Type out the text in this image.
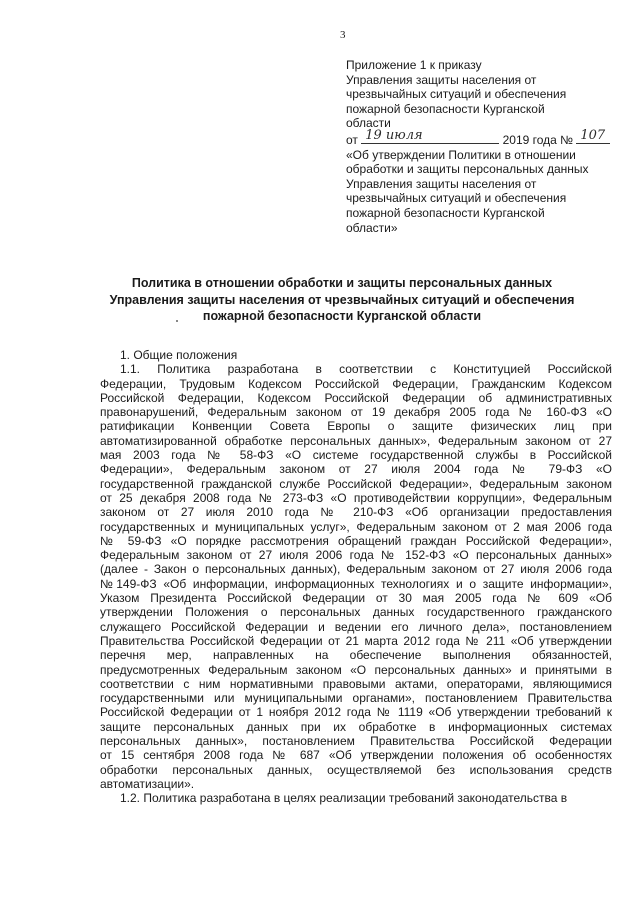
3
Приложение 1 к приказу
Управления защиты населения от
чрезвычайных ситуаций и обеспечения
пожарной безопасности Курганской
области
от 19 июля	2019 года № 107
«Об утверждении Политики в отношении
обработки и защиты персональных данных
Управления защиты населения от
чрезвычайных ситуаций и обеспечения
пожарной безопасности Курганской
области»
Политика в отношении обработки и защиты персональных данных
Управления защиты населения от чрезвычайных ситуаций и обеспечения
пожарной безопасности Курганской области
1. Общие положения
1.1. Политика разработана в соответствии с Конституцией Российской
Федерации, Трудовым Кодексом Российской Федерации, Гражданским Кодексом
Российской Федерации, Кодексом Российской Федерации об административных
правонарушений, Федеральным законом от 19 декабря 2005 года № 160-ФЗ «О
ратификации Конвенции Совета Европы о защите физических лиц при
автоматизированной обработке персональных данных», Федеральным законом от 27
мая 2003 года № 58-ФЗ «О системе государственной службы в Российской
Федерации», Федеральным законом от 27 июля 2004 года № 79-ФЗ «О
государственной гражданской службе Российской Федерации», Федеральным законом
от 25 декабря 2008 года № 273-ФЗ «О противодействии коррупции», Федеральным
законом от 27 июля 2010 года № 210-ФЗ «Об организации предоставления
государственных и муниципальных услуг», Федеральным законом от 2 мая 2006 года
№ 59-ФЗ «О порядке рассмотрения обращений граждан Российской Федерации»,
Федеральным законом от 27 июля 2006 года № 152-ФЗ «О персональных данных»
(далее - Закон о персональных данных), Федеральным законом от 27 июля 2006 года
№149-ФЗ «Об информации, информационных технологиях и о защите информации»,
Указом Президента Российской Федерации от 30 мая 2005 года № 609 «Об
утверждении Положения о персональных данных государственного гражданского
служащего Российской Федерации и ведении его личного дела», постановлением
Правительства Российской Федерации от 21 марта 2012 года № 211 «Об утверждении
перечня мер, направленных на обеспечение выполнения обязанностей,
предусмотренных Федеральным законом «О персональных данных» и принятыми в
соответствии с ним нормативными правовыми актами, операторами, являющимися
государственными или муниципальными органами», постановлением Правительства
Российской Федерации от 1 ноября 2012 года № 1119 «Об утверждении требований к
защите персональных данных при их обработке в информационных системах
персональных данных», постановлением Правительства Российской Федерации
от 15 сентября 2008 года № 687 «Об утверждении положения об особенностях
обработки персональных данных, осуществляемой без использования средств
автоматизации».
1.2. Политика разработана в целях реализации требований законодательства в
